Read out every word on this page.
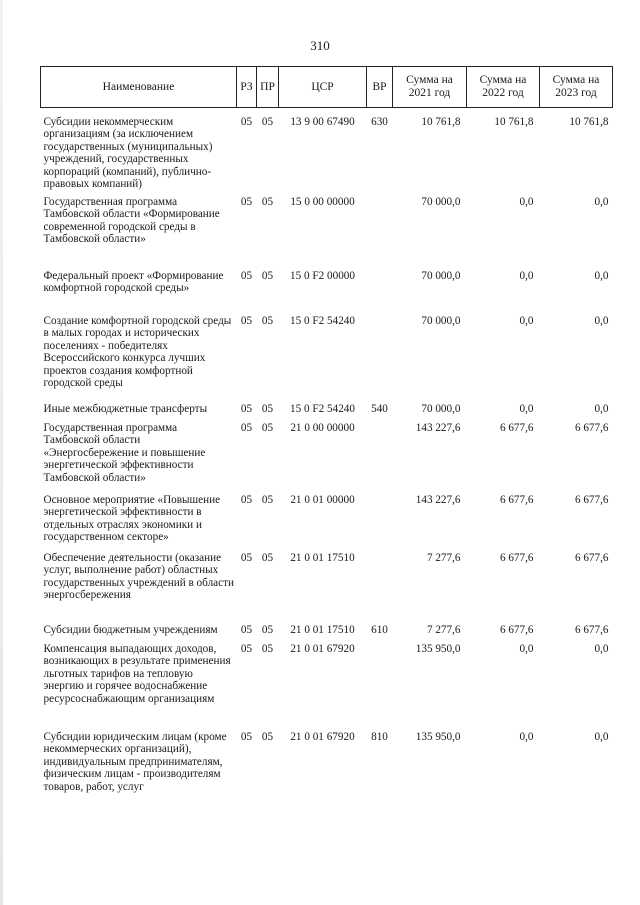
310
Наименование	РЗ	ПР	ЦСР	ВР	Сумма на 2021 год	Сумма на 2022 год	Сумма на 2023 год

Субсидии некоммерческим организациям (за исключением государственных (муниципальных) учреждений, государственных корпораций (компаний), публично-правовых компаний)	05	05	13 9 00 67490	630	10 761,8	10 761,8	10 761,8
Государственная программа Тамбовской области «Формирование современной городской среды в Тамбовской области»	05	05	15 0 00 00000		70 000,0	0,0	0,0
Федеральный проект «Формирование комфортной городской среды»	05	05	15 0 F2 00000		70 000,0	0,0	0,0
Создание комфортной городской среды в малых городах и исторических поселениях - победителях Всероссийского конкурса лучших проектов создания комфортной городской среды	05	05	15 0 F2 54240		70 000,0	0,0	0,0
Иные межбюджетные трансферты	05	05	15 0 F2 54240	540	70 000,0	0,0	0,0
Государственная программа Тамбовской области «Энергосбережение и повышение энергетической эффективности Тамбовской области»	05	05	21 0 00 00000		143 227,6	6 677,6	6 677,6
Основное мероприятие «Повышение энергетической эффективности в отдельных отраслях экономики и государственном секторе»	05	05	21 0 01 00000		143 227,6	6 677,6	6 677,6
Обеспечение деятельности (оказание услуг, выполнение работ) областных государственных учреждений в области энергосбережения	05	05	21 0 01 17510		7 277,6	6 677,6	6 677,6
Субсидии бюджетным учреждениям	05	05	21 0 01 17510	610	7 277,6	6 677,6	6 677,6
Компенсация выпадающих доходов, возникающих в результате применения льготных тарифов на тепловую энергию и горячее водоснабжение ресурсоснабжающим организациям	05	05	21 0 01 67920		135 950,0	0,0	0,0
Субсидии юридическим лицам (кроме некоммерческих организаций), индивидуальным предпринимателям, физическим лицам - производителям товаров, работ, услуг	05	05	21 0 01 67920	810	135 950,0	0,0	0,0
